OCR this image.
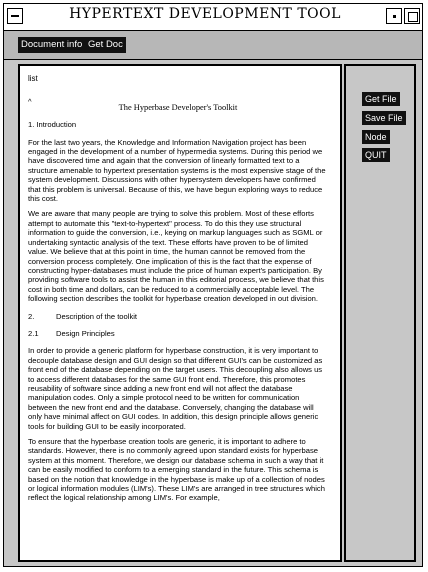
HYPERTEXT DEVELOPMENT TOOL
Document info Get Doc

list

^

The Hyperbase Developer's Toolkit

1. Introduction

For the last two years, the Knowledge and Information Navigation project has been engaged in the development of a number of hypermedia systems. During this period we have discovered time and again that the conversion of linearly formatted text to a structure amenable to hypertext presentation systems is the most expensive stage of the system development. Discussions with other hypersystem developers have confirmed that this problem is universal. Because of this, we have begun exploring ways to reduce this cost.

We are aware that many people are trying to solve this problem. Most of these efforts attempt to automate this "text-to-hypertext" process. To do this they use structural information to guide the conversion, i.e., keying on markup languages such as SGML or undertaking syntactic analysis of the text. These efforts have proven to be of limited value. We believe that at this point in time, the human cannot be removed from the conversion process completely. One implication of this is the fact that the expense of constructing hyper-databases must include the price of human expert's participation. By providing software tools to assist the human in this editorial process, we believe that this cost in both time and dollars, can be reduced to a commercially acceptable level. The following section describes the toolkit for hyperbase creation developed in out division.

2.	Description of the toolkit

2.1 Design Principles

In order to provide a generic platform for hyperbase construction, it is very important to decouple database design and GUI design so that different GUI's can be customized as front end of the database depending on the target users. This decoupling also allows us to access different databases for the same GUI front end. Therefore, this promotes reusability of software since adding a new front end will not affect the database manipulation codes. Only a simple protocol need to be written for communication between the new front end and the database. Conversely, changing the database will only have minimal affect on GUI codes. In addition, this design principle allows generic tools for building GUI to be easily incorporated.

To ensure that the hyperbase creation tools are generic, it is important to adhere to standards. However, there is no commonly agreed upon standard exists for hyperbase system at this moment. Therefore, we design our database schema in such a way that it can be easily modified to conform to a emerging standard in the future. This schema is based on the notion that knowledge in the hyperbase is make up of a collection of nodes or logical information modules (LIM's). These LIM's are arranged in tree structures which reflect the logical relationship among LIM's. For example,

Get File
Save File
Node
QUIT
